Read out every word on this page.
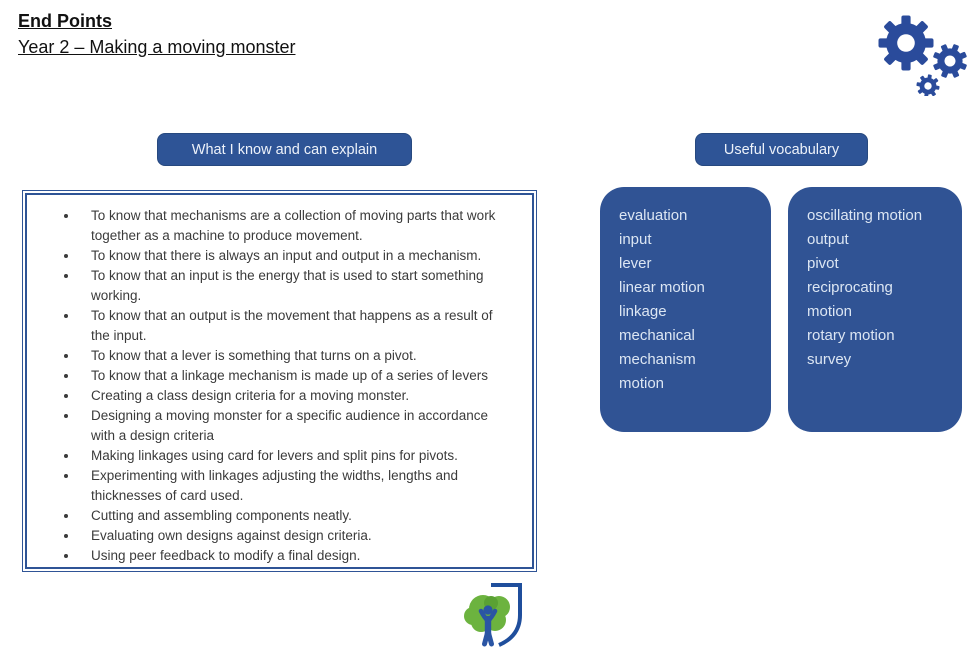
End Points
Year 2 – Making a moving monster
What I know and can explain	Useful vocabulary
• To know that mechanisms are a collection of moving parts that work together as a machine to produce movement.
• To know that there is always an input and output in a mechanism.
• To know that an input is the energy that is used to start something working.
• To know that an output is the movement that happens as a result of the input.
• To know that a lever is something that turns on a pivot.
• To know that a linkage mechanism is made up of a series of levers
• Creating a class design criteria for a moving monster.
• Designing a moving monster for a specific audience in accordance with a design criteria
• Making linkages using card for levers and split pins for pivots.
• Experimenting with linkages adjusting the widths, lengths and thicknesses of card used.
• Cutting and assembling components neatly.
• Evaluating own designs against design criteria.
• Using peer feedback to modify a final design.
evaluation
input
lever
linear motion
linkage
mechanical
mechanism
motion
oscillating motion
output
pivot
reciprocating motion
rotary motion
survey
